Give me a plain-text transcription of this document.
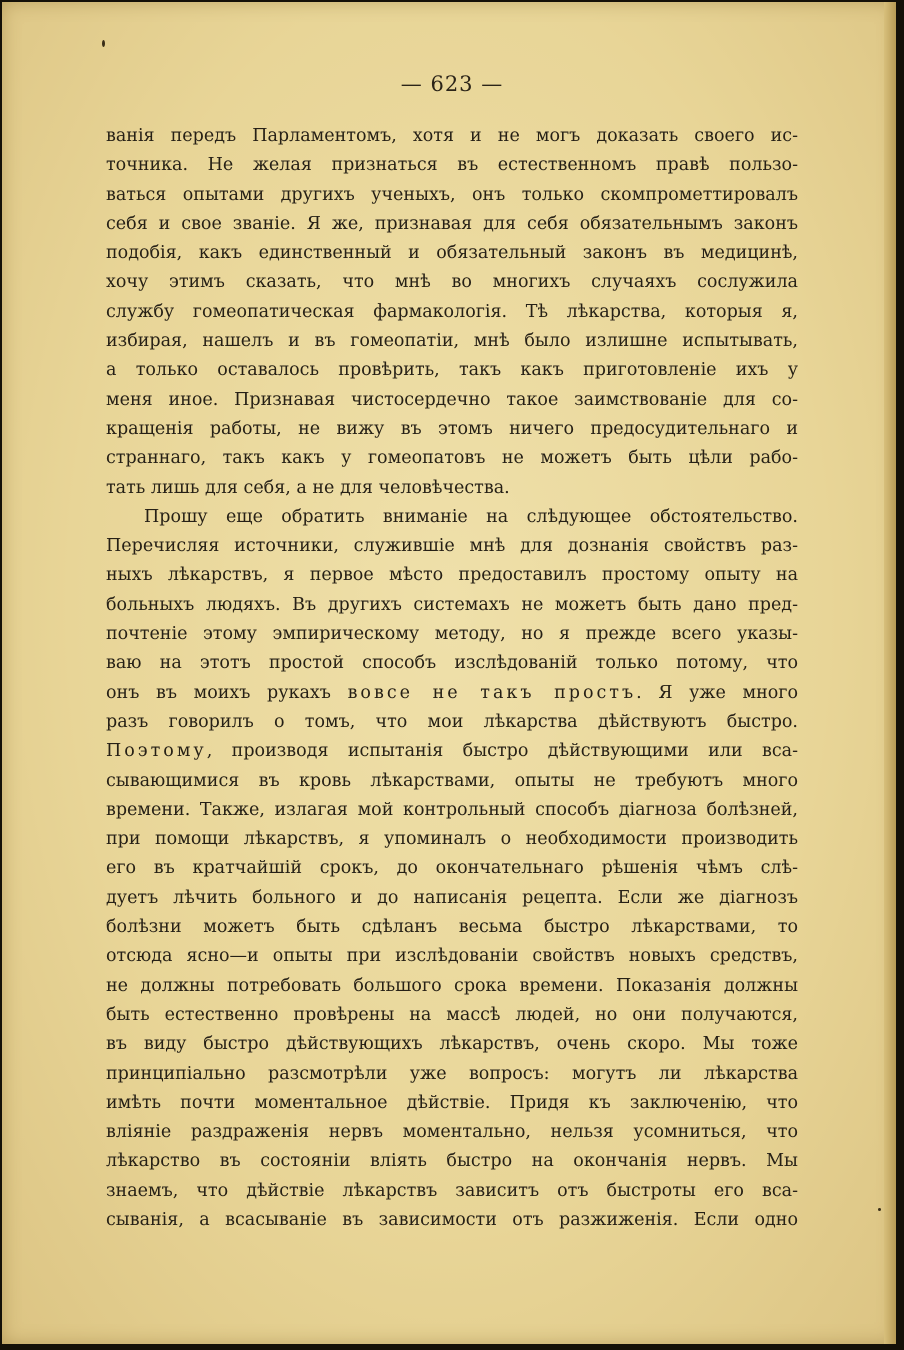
— 623 —
ванія передъ Парламентомъ, хотя и не могъ доказать своего ис-
точника. Не желая признаться въ естественномъ правѣ пользо-
ваться опытами другихъ ученыхъ, онъ только скомпрометтировалъ
себя и свое званіе. Я же, признавая для себя обязательнымъ законъ
подобія, какъ единственный и обязательный законъ въ медицинѣ,
хочу этимъ сказать, что мнѣ во многихъ случаяхъ сослужила
службу гомеопатическая фармакологія. Тѣ лѣкарства, которыя я,
избирая, нашелъ и въ гомеопатіи, мнѣ было излишне испытывать,
а только оставалось провѣрить, такъ какъ приготовленіе ихъ у
меня иное. Признавая чистосердечно такое заимствованіе для со-
кращенія работы, не вижу въ этомъ ничего предосудительнаго и
страннаго, такъ какъ у гомеопатовъ не можетъ быть цѣли рабо-
тать лишь для себя, а не для человѣчества.
Прошу еще обратить вниманіе на слѣдующее обстоятельство.
Перечисляя источники, служившіе мнѣ для дознанія свойствъ раз-
ныхъ лѣкарствъ, я первое мѣсто предоставилъ простому опыту на
больныхъ людяхъ. Въ другихъ системахъ не можетъ быть дано пред-
почтеніе этому эмпирическому методу, но я прежде всего указы-
ваю на этотъ простой способъ изслѣдованій только потому, что
онъ въ моихъ рукахъ вовсе не такъ простъ. Я уже много
разъ говорилъ о томъ, что мои лѣкарства дѣйствуютъ быстро.
Поэтому, производя испытанія быстро дѣйствующими или вса-
сывающимися въ кровь лѣкарствами, опыты не требуютъ много
времени. Также, излагая мой контрольный способъ діагноза болѣзней,
при помощи лѣкарствъ, я упоминалъ о необходимости производить
его въ кратчайшій срокъ, до окончательнаго рѣшенія чѣмъ слѣ-
дуетъ лѣчить больного и до написанія рецепта. Если же діагнозъ
болѣзни можетъ быть сдѣланъ весьма быстро лѣкарствами, то
отсюда ясно—и опыты при изслѣдованіи свойствъ новыхъ средствъ,
не должны потребовать большого срока времени. Показанія должны
быть естественно провѣрены на массѣ людей, но они получаются,
въ виду быстро дѣйствующихъ лѣкарствъ, очень скоро. Мы тоже
принципіально разсмотрѣли уже вопросъ: могутъ ли лѣкарства
имѣть почти моментальное дѣйствіе. Придя къ заключенію, что
вліяніе раздраженія нервъ моментально, нельзя усомниться, что
лѣкарство въ состояніи вліять быстро на окончанія нервъ. Мы
знаемъ, что дѣйствіе лѣкарствъ зависитъ отъ быстроты его вса-
сыванія, а всасываніе въ зависимости отъ разжиженія. Если одно
